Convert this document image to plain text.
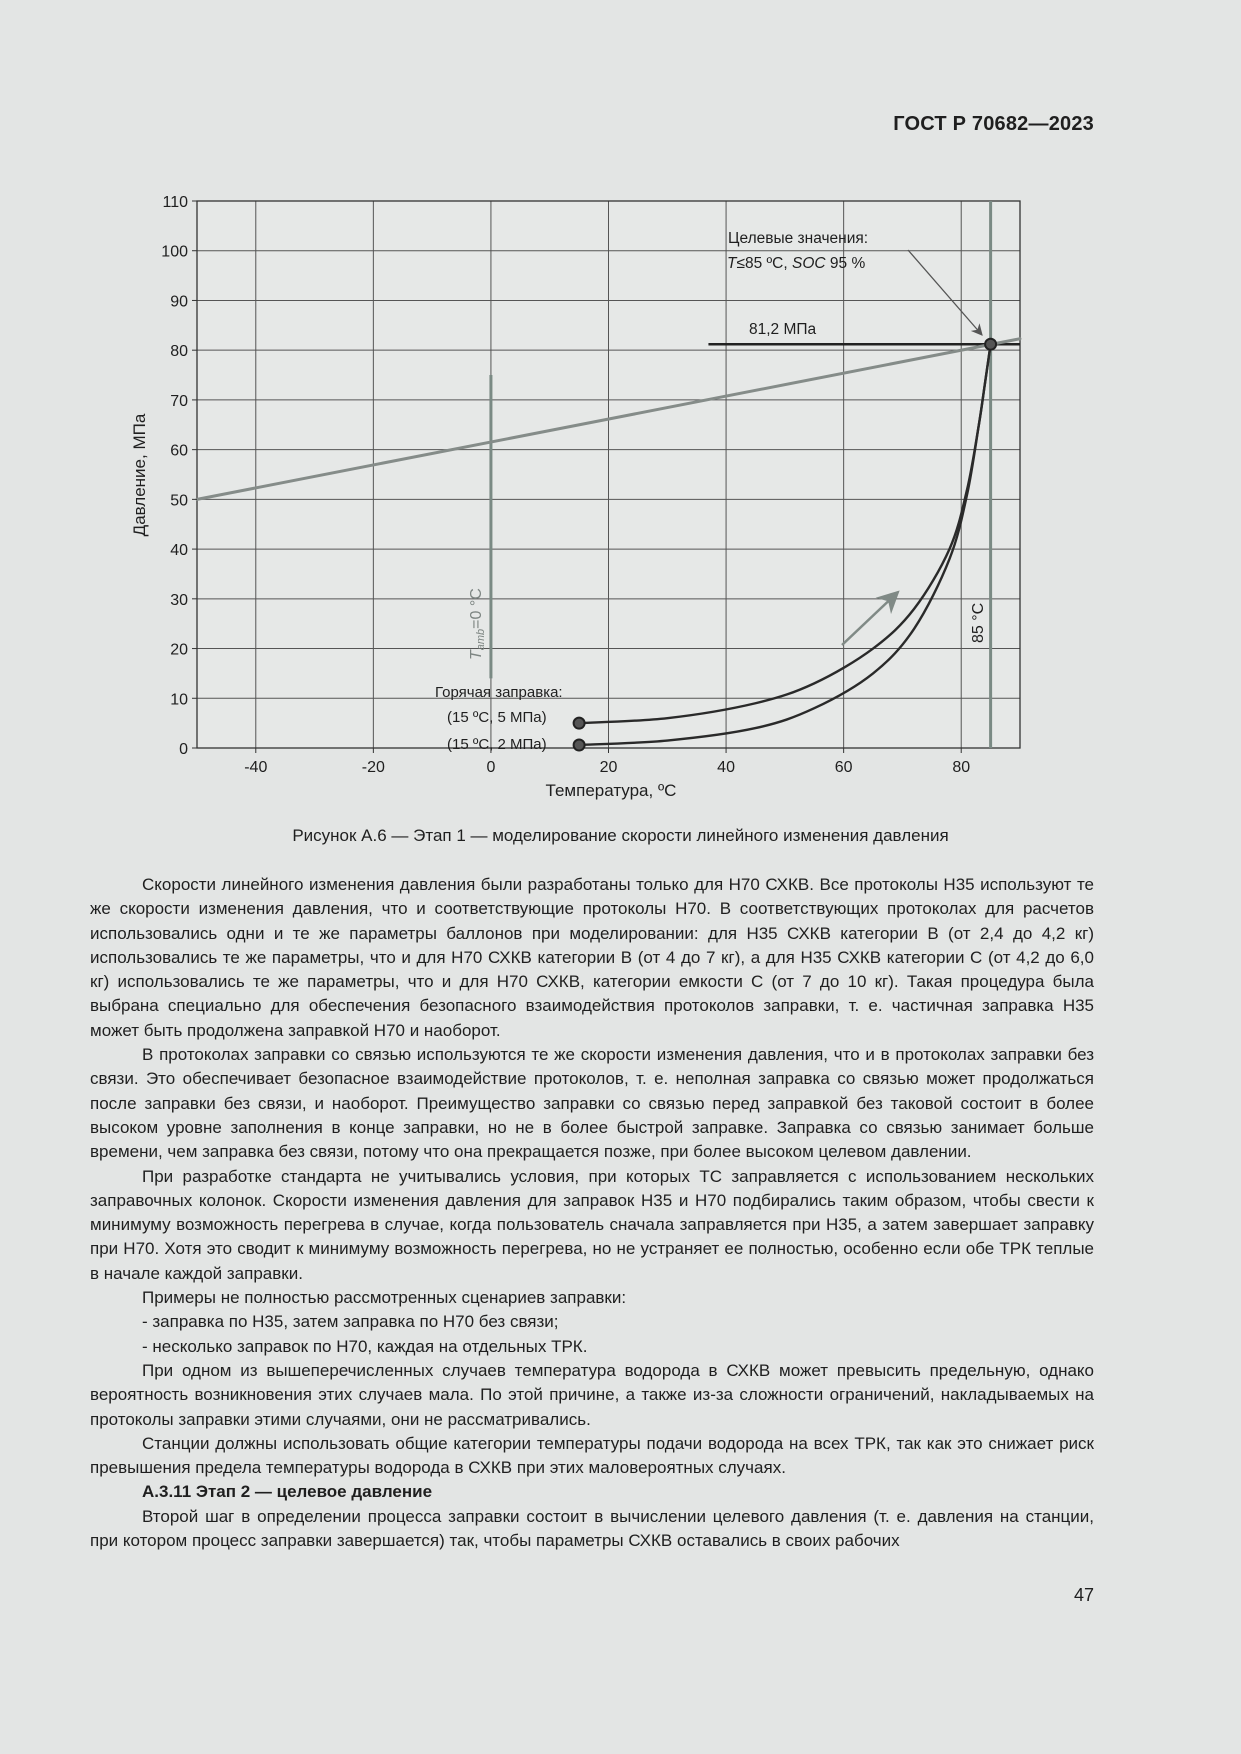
ГОСТ Р 70682—2023
0
10
20
30
40
50
60
70
80
90
100
110
-40	-20	0	20	40	60	80
Температура, ºC
Давление, МПа
Целевые значения:
T≤85 ºC, SOC 95 %
81,2 МПа
Tamb=0 °C	85 °C
Горячая заправка:
(15 ºC, 5 МПа)
(15 ºC, 2 МПа)
Рисунок А.6 — Этап 1 — моделирование скорости линейного изменения давления

Скорости линейного изменения давления были разработаны только для H70 СХКВ. Все протоколы H35 используют те же скорости изменения давления, что и соответствующие протоколы H70. В соответствующих протоколах для расчетов использовались одни и те же параметры баллонов при моделировании: для H35 СХКВ категории B (от 2,4 до 4,2 кг) использовались те же параметры, что и для H70 СХКВ категории B (от 4 до 7 кг), а для H35 СХКВ категории C (от 4,2 до 6,0 кг) использовались те же параметры, что и для H70 СХКВ, категории емкости C (от 7 до 10 кг). Такая процедура была выбрана специально для обеспечения безопасного взаимодействия протоколов заправки, т. е. частичная заправка H35 может быть продолжена заправкой H70 и наоборот.

В протоколах заправки со связью используются те же скорости изменения давления, что и в протоколах заправки без связи. Это обеспечивает безопасное взаимодействие протоколов, т. е. неполная заправка со связью может продолжаться после заправки без связи, и наоборот. Преимущество заправки со связью перед заправкой без таковой состоит в более высоком уровне заполнения в конце заправки, но не в более быстрой заправке. Заправка со связью занимает больше времени, чем заправка без связи, потому что она прекращается позже, при более высоком целевом давлении.

При разработке стандарта не учитывались условия, при которых ТС заправляется с использованием нескольких заправочных колонок. Скорости изменения давления для заправок H35 и H70 подбирались таким образом, чтобы свести к минимуму возможность перегрева в случае, когда пользователь сначала заправляется при H35, а затем завершает заправку при H70. Хотя это сводит к минимуму возможность перегрева, но не устраняет ее полностью, особенно если обе ТРК теплые в начале каждой заправки.

Примеры не полностью рассмотренных сценариев заправки:

- заправка по H35, затем заправка по H70 без связи;

- несколько заправок по H70, каждая на отдельных ТРК.

При одном из вышеперечисленных случаев температура водорода в СХКВ может превысить предельную, однако вероятность возникновения этих случаев мала. По этой причине, а также из-за сложности ограничений, накладываемых на протоколы заправки этими случаями, они не рассматривались.

Станции должны использовать общие категории температуры подачи водорода на всех ТРК, так как это снижает риск превышения предела температуры водорода в СХКВ при этих маловероятных случаях.

А.3.11 Этап 2 — целевое давление

Второй шаг в определении процесса заправки состоит в вычислении целевого давления (т. е. давления на станции, при котором процесс заправки завершается) так, чтобы параметры СХКВ оставались в своих рабочих

47
